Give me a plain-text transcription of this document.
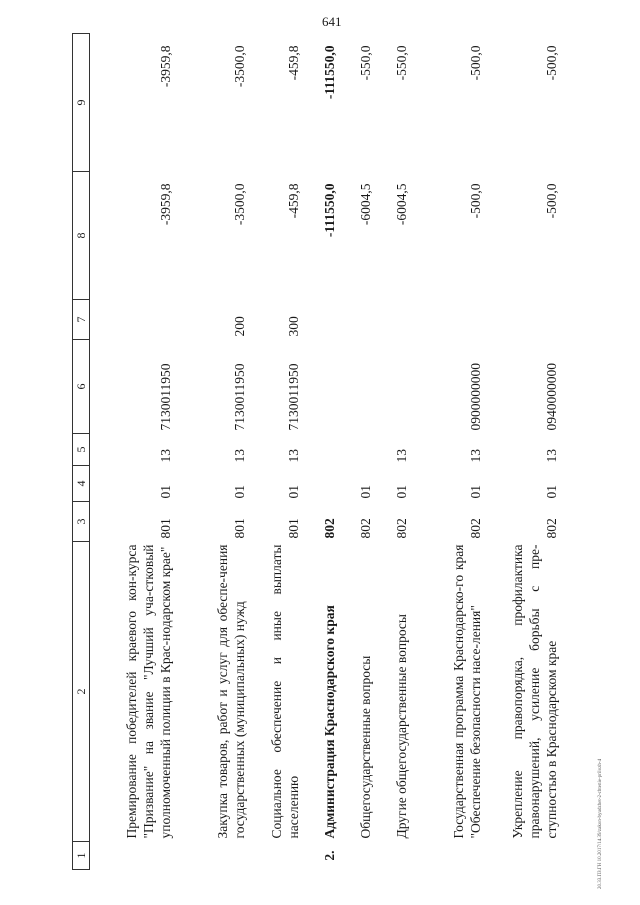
641
20.33.ПЗ.ГН 10.2017/14.39/zakon-byudzhet-2-chtenie-prilozh-4
1	2	3	4	5	6	7	8	9
	Премирование победителей краевого кон-курса "Призвание" на звание "Лучший уча-стковый уполномоченный полиции в Крас-нодарском крае"	801	01	13	7130011950		-3959,8	-3959,8
	Закупка товаров, работ и услуг для обеспе-чения государственных (муниципальных) нужд	801	01	13	7130011950	200	-3500,0	-3500,0
	Социальное обеспечение и иные выплаты населению	801	01	13	7130011950	300	-459,8	-459,8
2.	Администрация Краснодарского края	802					-111550,0	-111550,0
	Общегосударственные вопросы	802	01				-6004,5	-550,0
	Другие общегосударственные вопросы	802	01	13			-6004,5	-550,0
	Государственная программа Краснодарско-го края "Обеспечение безопасности насе-ления"	802	01	13	0900000000		-500,0	-500,0
	Укрепление правопорядка, профилактика правонарушений, усиление борьбы с пре-ступностью в Краснодарском крае	802	01	13	0940000000		-500,0	-500,0
